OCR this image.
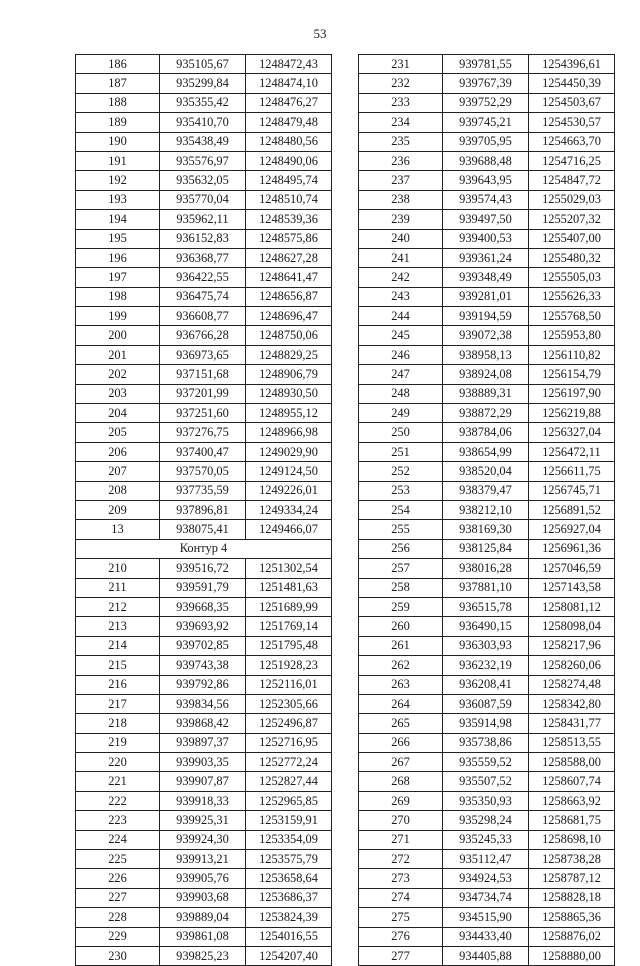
53
186	935105,67	1248472,43
187	935299,84	1248474,10
188	935355,42	1248476,27
189	935410,70	1248479,48
190	935438,49	1248480,56
191	935576,97	1248490,06
192	935632,05	1248495,74
193	935770,04	1248510,74
194	935962,11	1248539,36
195	936152,83	1248575,86
196	936368,77	1248627,28
197	936422,55	1248641,47
198	936475,74	1248656,87
199	936608,77	1248696,47
200	936766,28	1248750,06
201	936973,65	1248829,25
202	937151,68	1248906,79
203	937201,99	1248930,50
204	937251,60	1248955,12
205	937276,75	1248966,98
206	937400,47	1249029,90
207	937570,05	1249124,50
208	937735,59	1249226,01
209	937896,81	1249334,24
13	938075,41	1249466,07
Контур 4		
210	939516,72	1251302,54
211	939591,79	1251481,63
212	939668,35	1251689,99
213	939693,92	1251769,14
214	939702,85	1251795,48
215	939743,38	1251928,23
216	939792,86	1252116,01
217	939834,56	1252305,66
218	939868,42	1252496,87
219	939897,37	1252716,95
220	939903,35	1252772,24
221	939907,87	1252827,44
222	939918,33	1252965,85
223	939925,31	1253159,91
224	939924,30	1253354,09
225	939913,21	1253575,79
226	939905,76	1253658,64
227	939903,68	1253686,37
228	939889,04	1253824,39
229	939861,08	1254016,55
230	939825,23	1254207,40
231	939781,55	1254396,61
232	939767,39	1254450,39
233	939752,29	1254503,67
234	939745,21	1254530,57
235	939705,95	1254663,70
236	939688,48	1254716,25
237	939643,95	1254847,72
238	939574,43	1255029,03
239	939497,50	1255207,32
240	939400,53	1255407,00
241	939361,24	1255480,32
242	939348,49	1255505,03
243	939281,01	1255626,33
244	939194,59	1255768,50
245	939072,38	1255953,80
246	938958,13	1256110,82
247	938924,08	1256154,79
248	938889,31	1256197,90
249	938872,29	1256219,88
250	938784,06	1256327,04
251	938654,99	1256472,11
252	938520,04	1256611,75
253	938379,47	1256745,71
254	938212,10	1256891,52
255	938169,30	1256927,04
256	938125,84	1256961,36
257	938016,28	1257046,59
258	937881,10	1257143,58
259	936515,78	1258081,12
260	936490,15	1258098,04
261	936303,93	1258217,96
262	936232,19	1258260,06
263	936208,41	1258274,48
264	936087,59	1258342,80
265	935914,98	1258431,77
266	935738,86	1258513,55
267	935559,52	1258588,00
268	935507,52	1258607,74
269	935350,93	1258663,92
270	935298,24	1258681,75
271	935245,33	1258698,10
272	935112,47	1258738,28
273	934924,53	1258787,12
274	934734,74	1258828,18
275	934515,90	1258865,36
276	934433,40	1258876,02
277	934405,88	1258880,00
